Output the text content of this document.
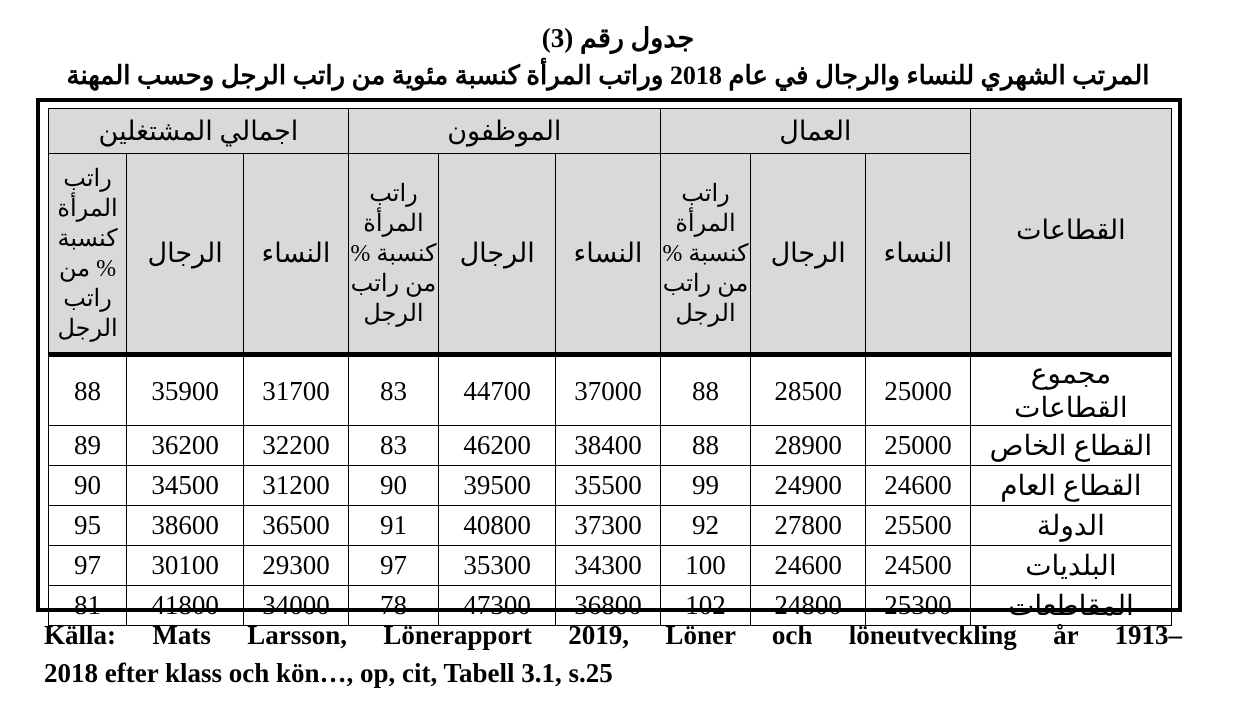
جدول رقم (3)
المرتب الشهري للنساء والرجال في عام 2018 وراتب المرأة كنسبة مئوية من راتب الرجل وحسب المهنة
القطاعات	العمال			الموظفون			اجمالي المشتغلين		
	النساء	الرجال	راتب المرأة كنسبة % من راتب الرجل	النساء	الرجال	راتب المرأة كنسبة % من راتب الرجل	النساء	الرجال	راتب المرأة كنسبة % من راتب الرجل

مجموع القطاعات	25000	28500	88	37000	44700	83	31700	35900	88
القطاع الخاص	25000	28900	88	38400	46200	83	32200	36200	89
القطاع العام	24600	24900	99	35500	39500	90	31200	34500	90
الدولة	25500	27800	92	37300	40800	91	36500	38600	95
البلديات	24500	24600	100	34300	35300	97	29300	30100	97
المقاطعات	25300	24800	102	36800	47300	78	34000	41800	81
Källa: Mats Larsson, Lönerapport 2019, Löner och löneutveckling år 1913–
2018 efter klass och kön…, op, cit, Tabell 3.1, s.25
